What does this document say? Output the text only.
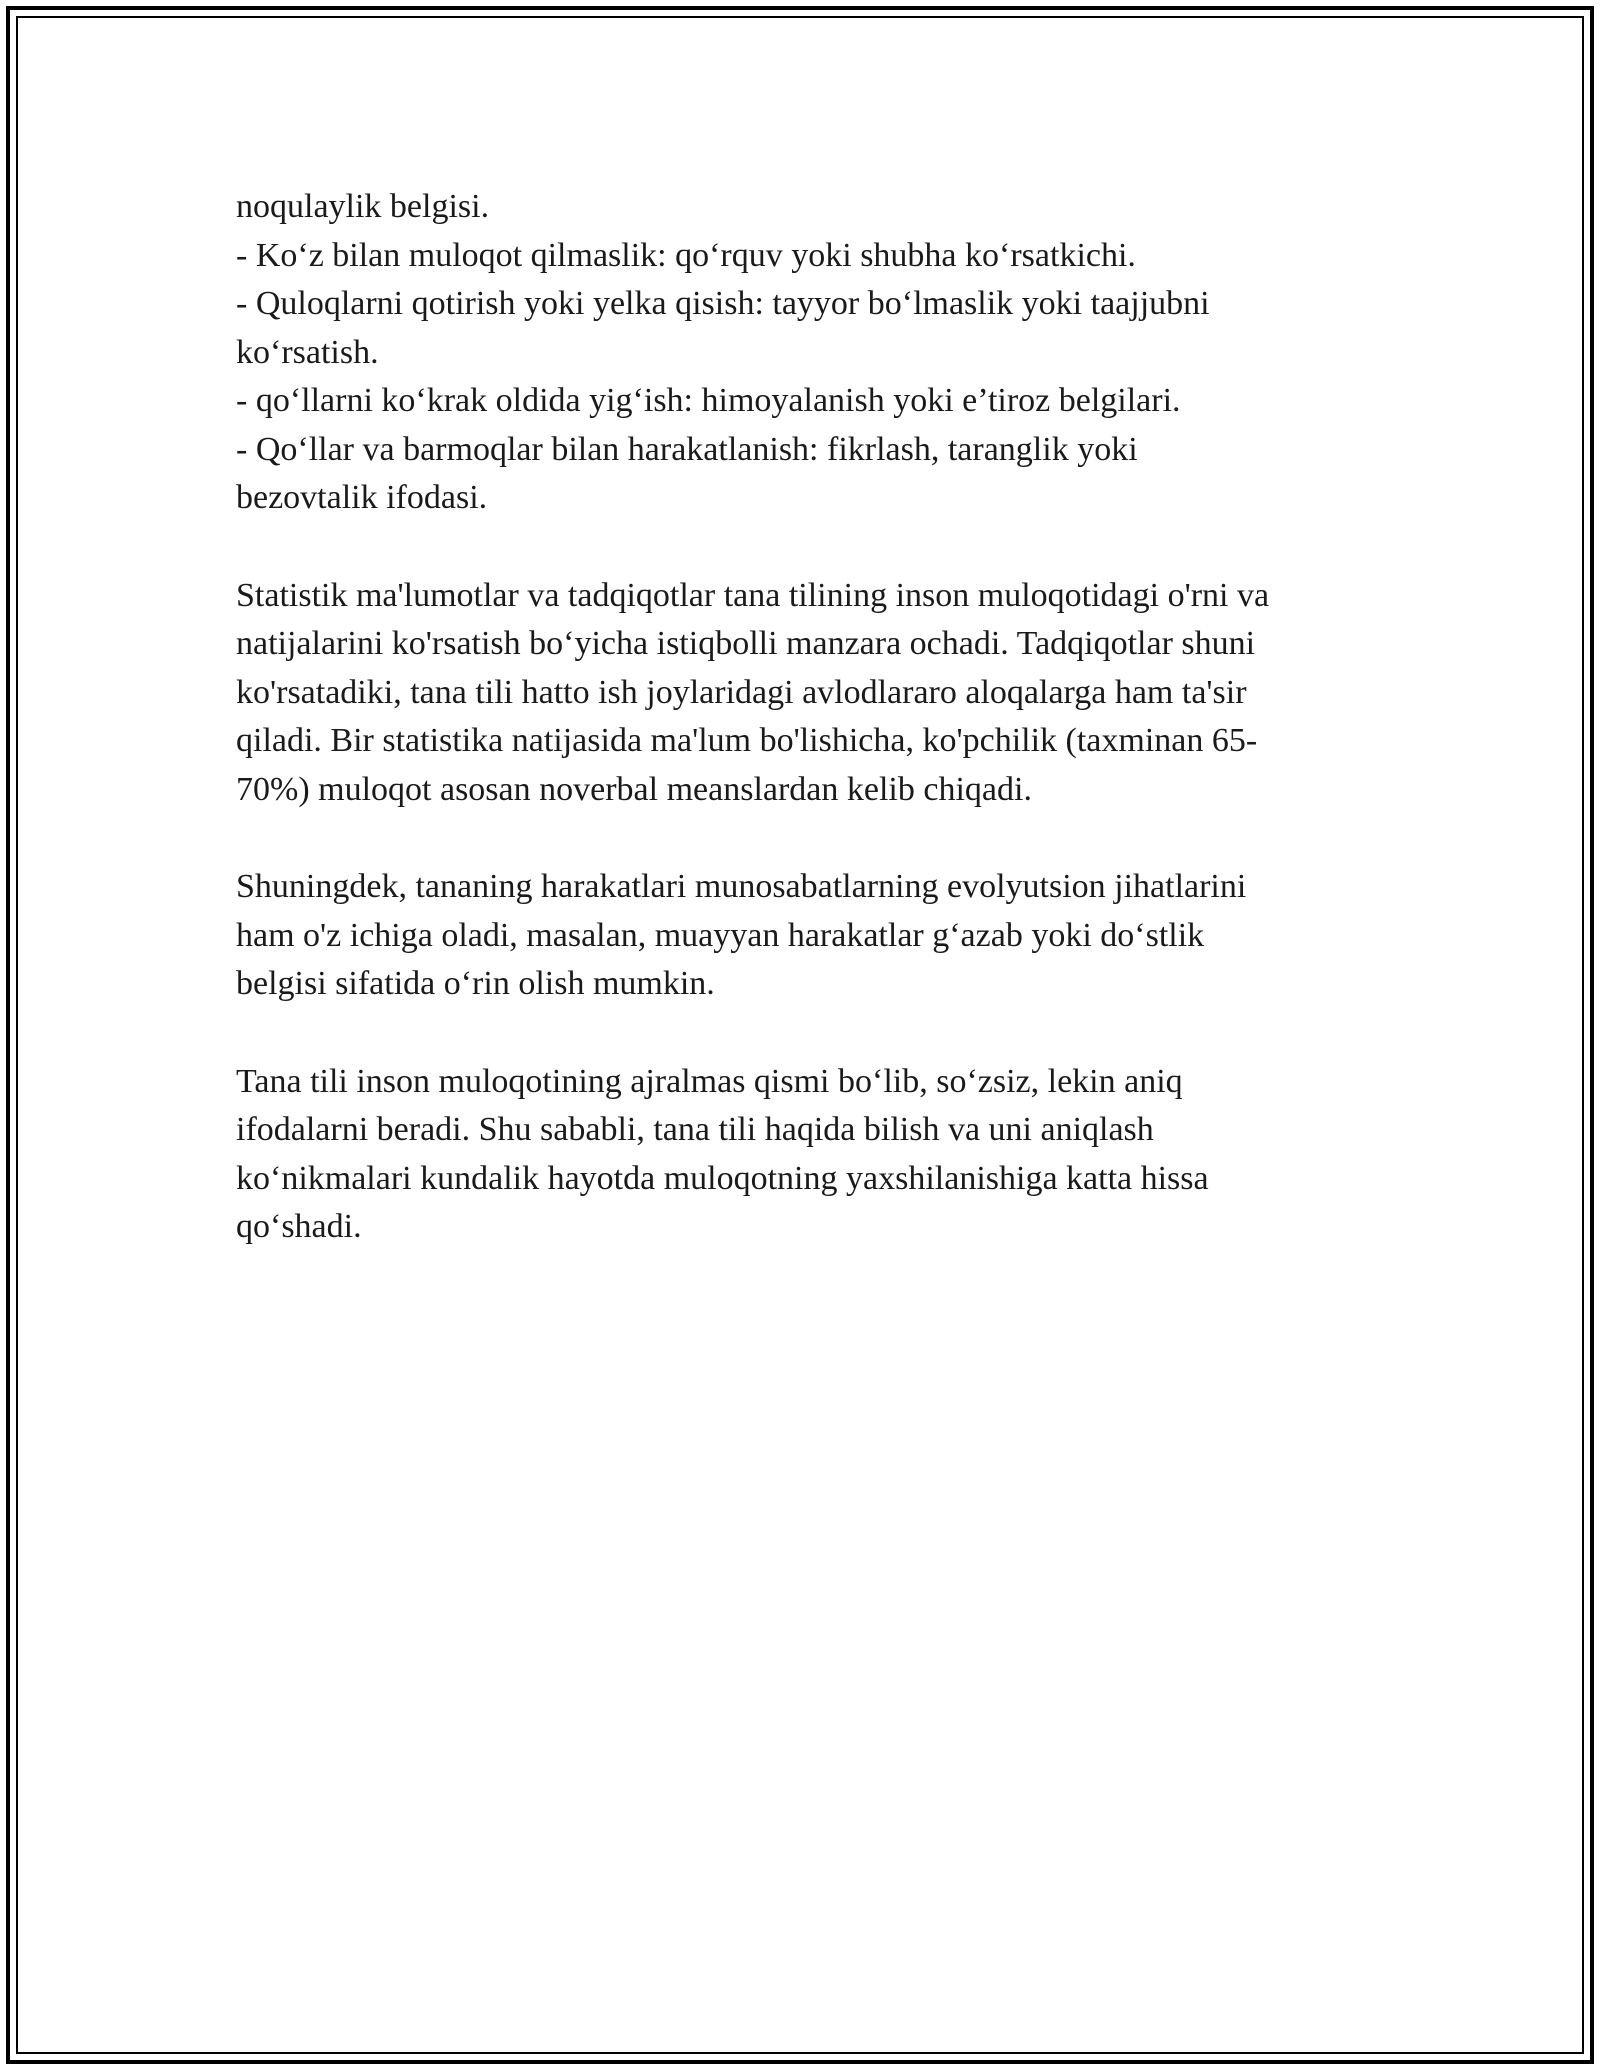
noqulaylik belgisi.
- Ko‘z bilan muloqot qilmaslik: qo‘rquv yoki shubha ko‘rsatkichi.
- Quloqlarni qotirish yoki yelka qisish: tayyor bo‘lmaslik yoki taajjubni
ko‘rsatish.
- qo‘llarni ko‘krak oldida yig‘ish: himoyalanish yoki e’tiroz belgilari.
- Qo‘llar va barmoqlar bilan harakatlanish: fikrlash, taranglik yoki
bezovtalik ifodasi.
Statistik ma'lumotlar va tadqiqotlar tana tilining inson muloqotidagi o'rni va
natijalarini ko'rsatish bo‘yicha istiqbolli manzara ochadi. Tadqiqotlar shuni
ko'rsatadiki, tana tili hatto ish joylaridagi avlodlararo aloqalarga ham ta'sir
qiladi. Bir statistika natijasida ma'lum bo'lishicha, ko'pchilik (taxminan 65-
70%) muloqot asosan noverbal meanslardan kelib chiqadi.
Shuningdek, tananing harakatlari munosabatlarning evolyutsion jihatlarini
ham o'z ichiga oladi, masalan, muayyan harakatlar g‘azab yoki do‘stlik
belgisi sifatida o‘rin olish mumkin.
Tana tili inson muloqotining ajralmas qismi bo‘lib, so‘zsiz, lekin aniq
ifodalarni beradi. Shu sababli, tana tili haqida bilish va uni aniqlash
ko‘nikmalari kundalik hayotda muloqotning yaxshilanishiga katta hissa
qo‘shadi.
